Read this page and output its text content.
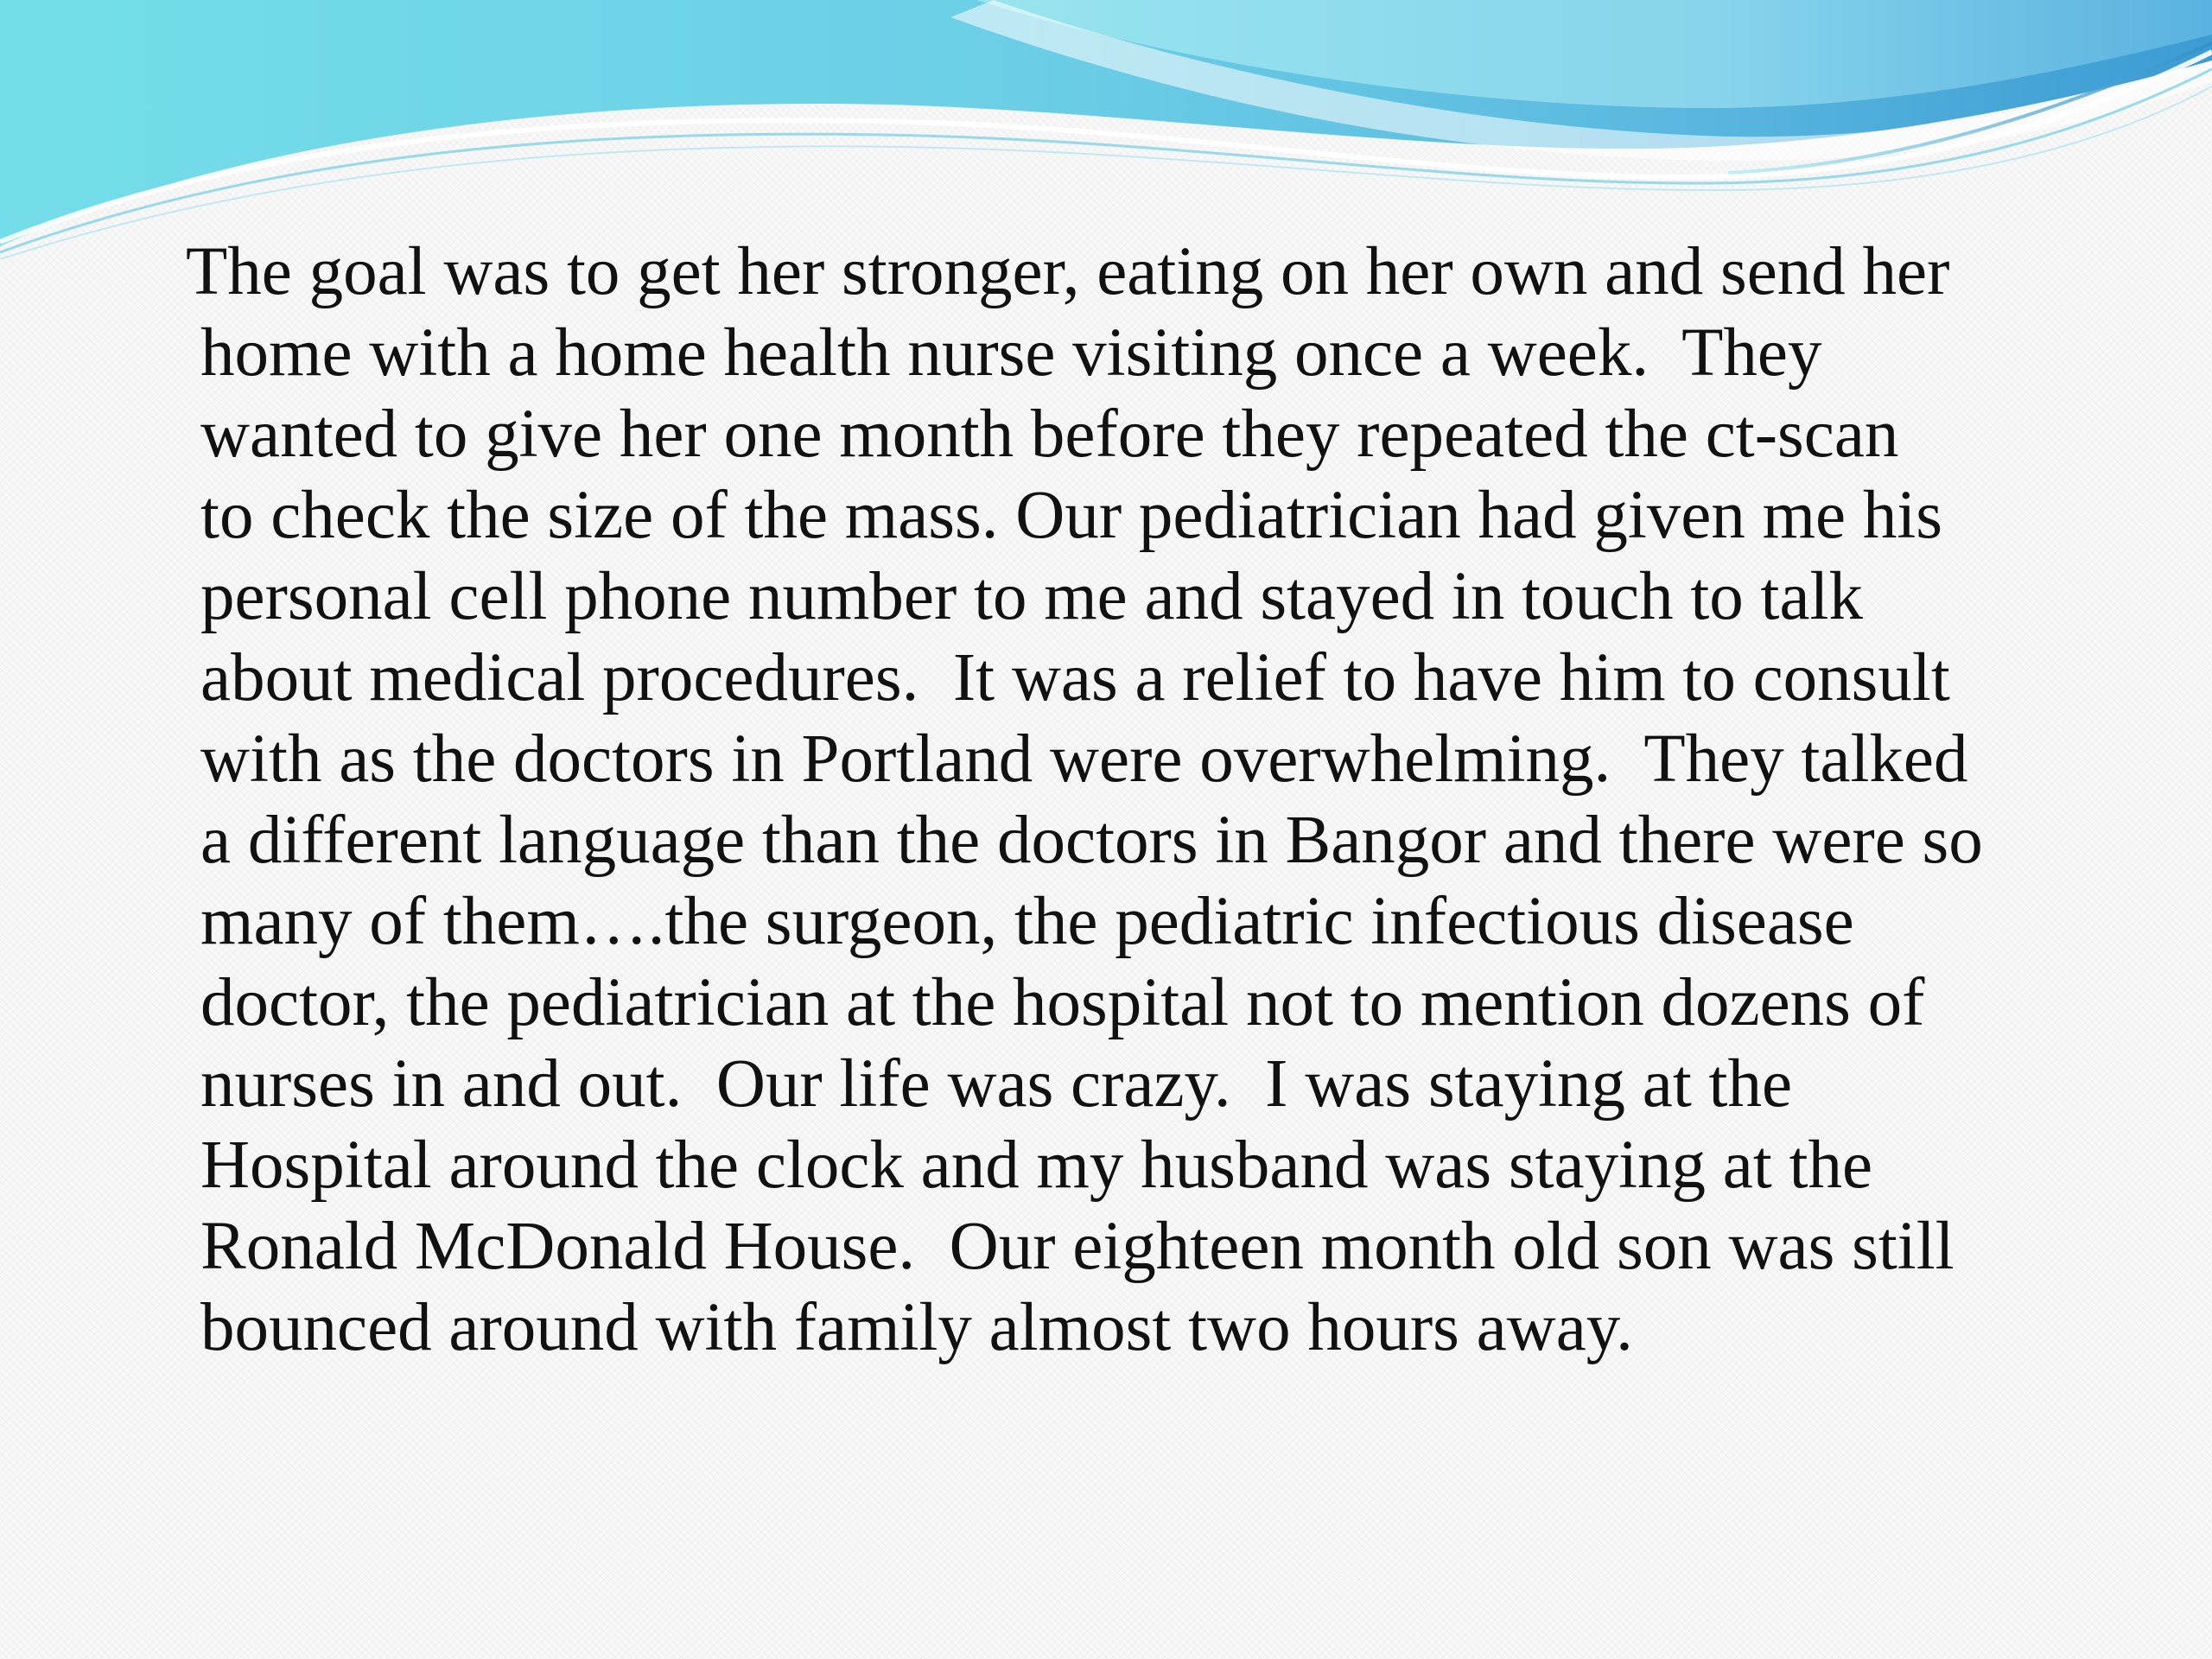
The goal was to get her stronger, eating on her own and send her
home with a home health nurse visiting once a week.  They
wanted to give her one month before they repeated the ct-scan
to check the size of the mass. Our pediatrician had given me his
personal cell phone number to me and stayed in touch to talk
about medical procedures.  It was a relief to have him to consult
with as the doctors in Portland were overwhelming.  They talked
a different language than the doctors in Bangor and there were so
many of them….the surgeon, the pediatric infectious disease
doctor, the pediatrician at the hospital not to mention dozens of
nurses in and out.  Our life was crazy.  I was staying at the
Hospital around the clock and my husband was staying at the
Ronald McDonald House.  Our eighteen month old son was still
bounced around with family almost two hours away.
